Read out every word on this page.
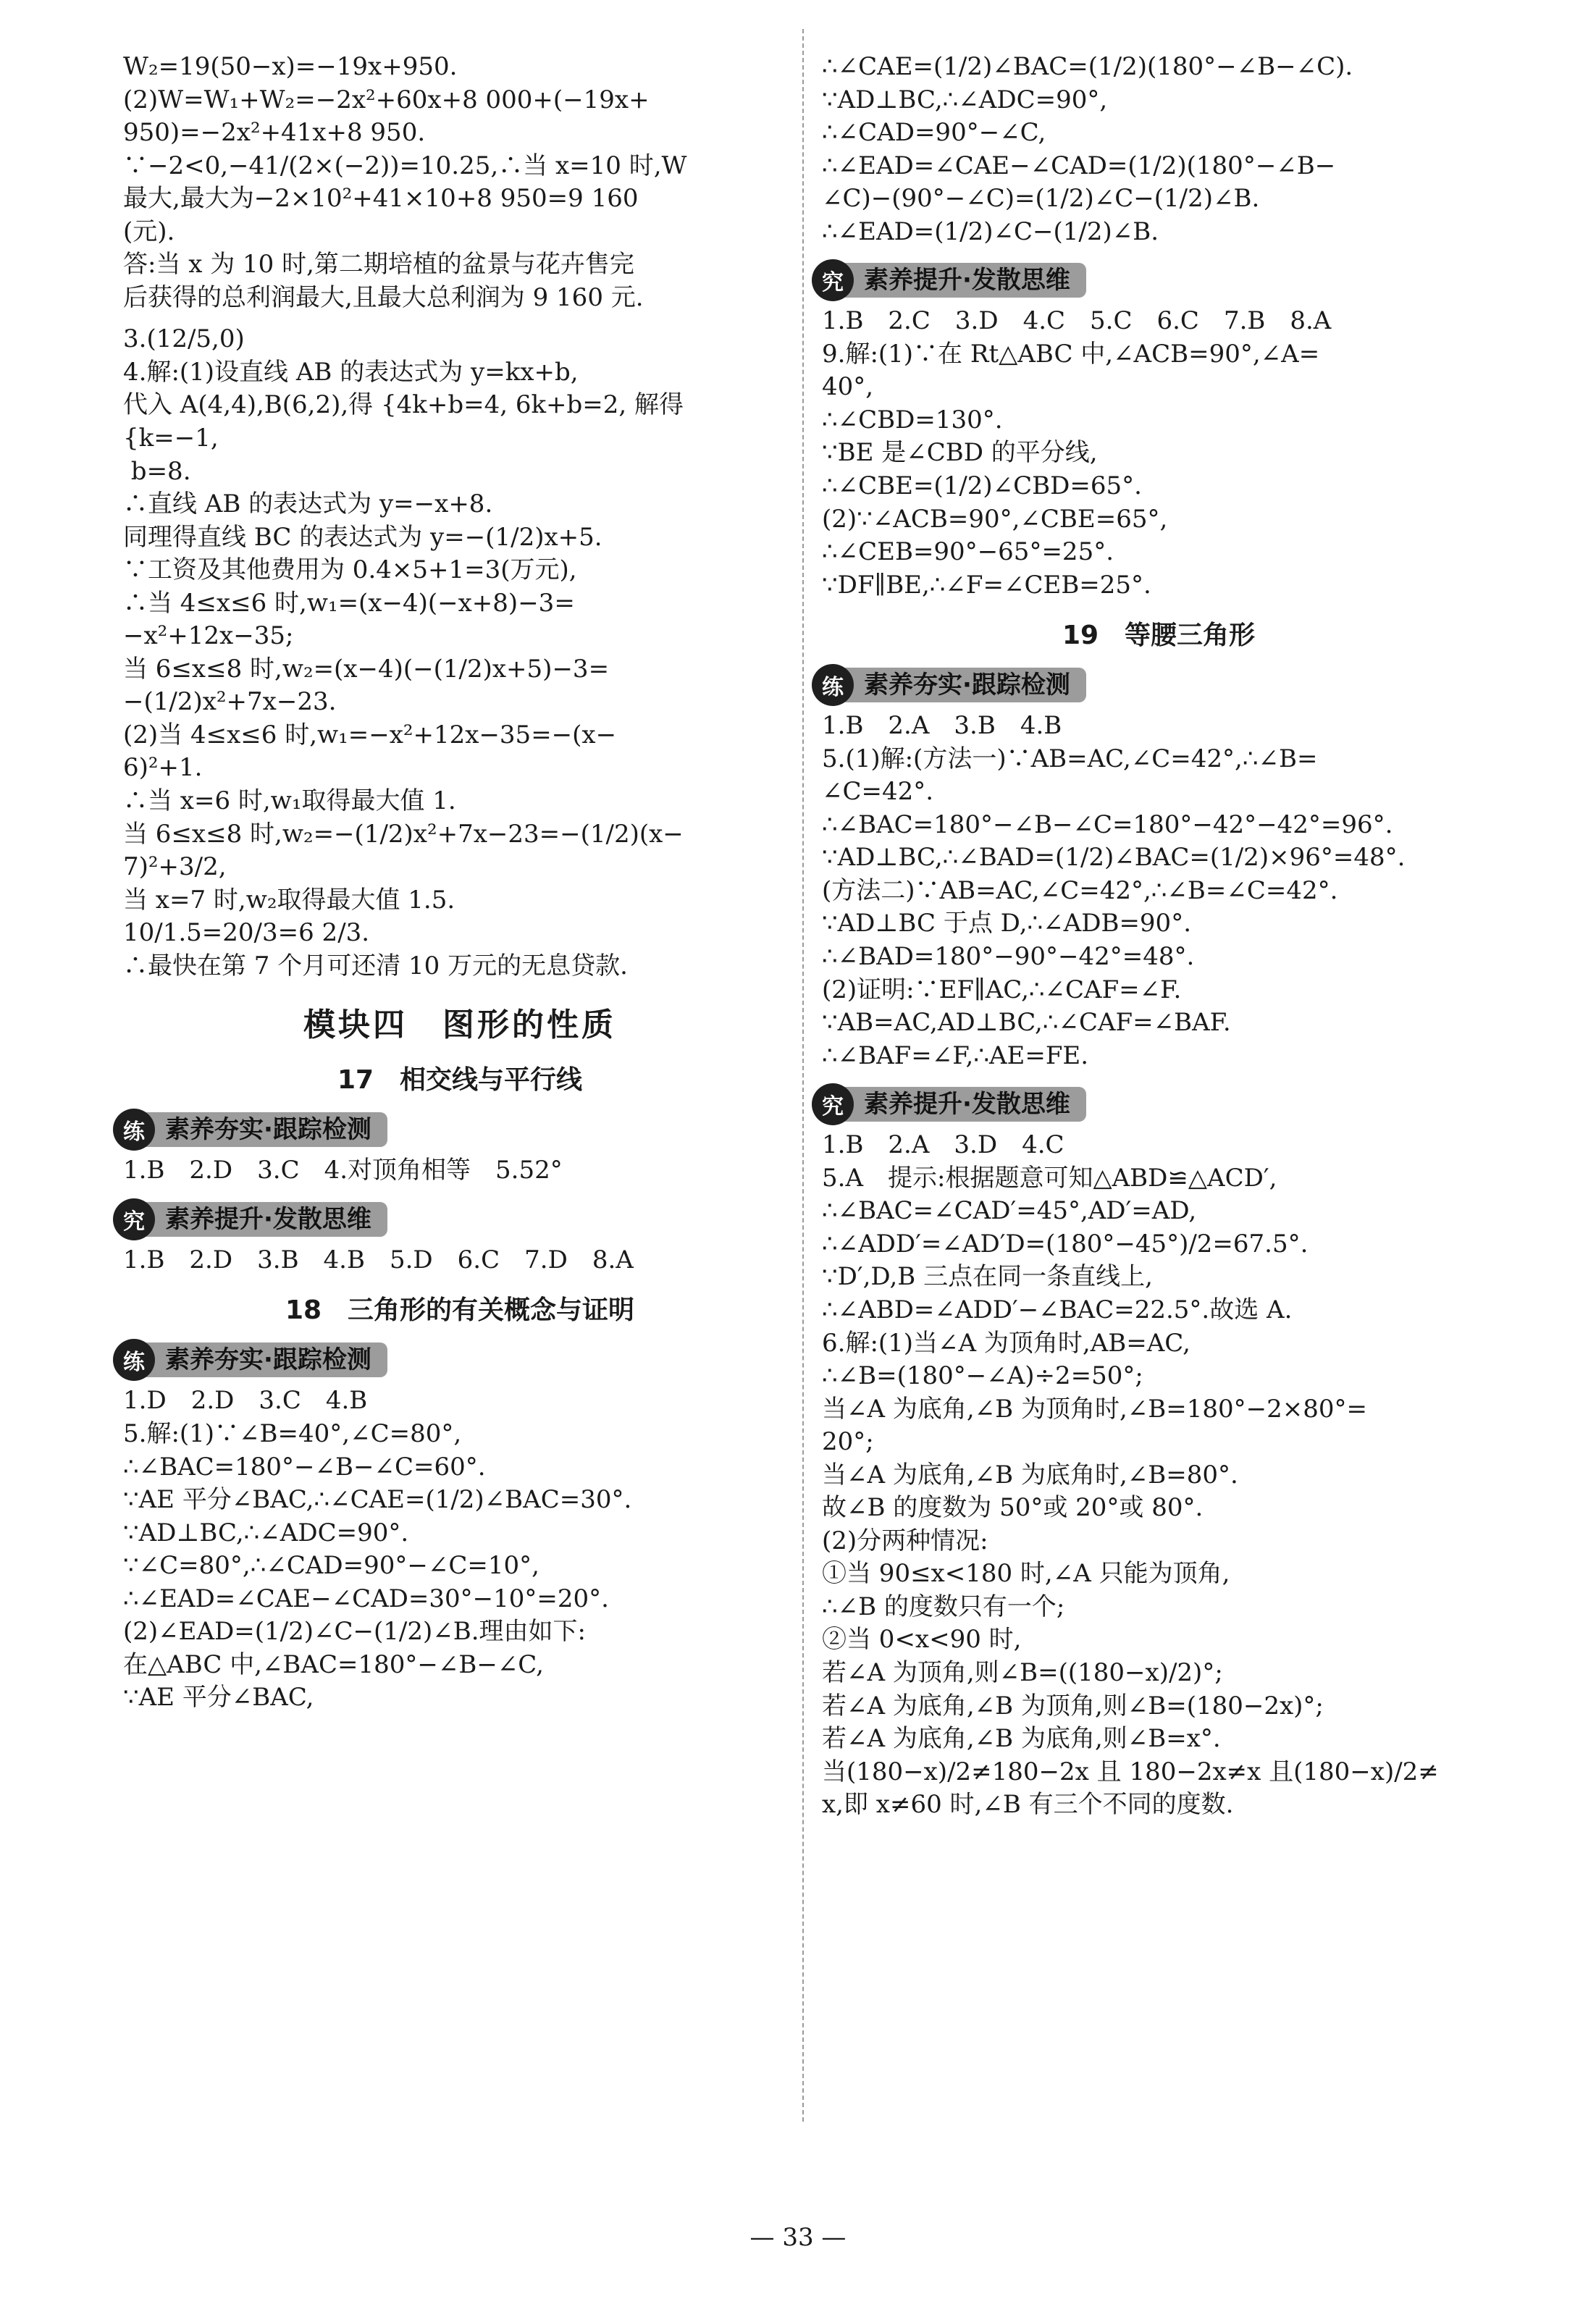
W₂=19(50−x)=−19x+950.

(2)W=W₁+W₂=−2x²+60x+8 000+(−19x+

950)=−2x²+41x+8 950.

∵−2<0,−41/(2×(−2))=10.25,∴当 x=10 时,W

最大,最大为−2×10²+41×10+8 950=9 160

(元).

答:当 x 为 10 时,第二期培植的盆景与花卉售完

后获得的总利润最大,且最大总利润为 9 160 元.

3.(12/5,0)

4.解:(1)设直线 AB 的表达式为 y=kx+b,

代入 A(4,4),B(6,2),得 {4k+b=4, 6k+b=2, 解得

{k=−1,

b=8.

∴直线 AB 的表达式为 y=−x+8.

同理得直线 BC 的表达式为 y=−(1/2)x+5.

∵工资及其他费用为 0.4×5+1=3(万元),

∴当 4≤x≤6 时,w₁=(x−4)(−x+8)−3=

−x²+12x−35;

当 6≤x≤8 时,w₂=(x−4)(−(1/2)x+5)−3=

−(1/2)x²+7x−23.

(2)当 4≤x≤6 时,w₁=−x²+12x−35=−(x−

6)²+1.

∴当 x=6 时,w₁取得最大值 1.

当 6≤x≤8 时,w₂=−(1/2)x²+7x−23=−(1/2)(x−

7)²+3/2,

当 x=7 时,w₂取得最大值 1.5.

10/1.5=20/3=6 2/3.

∴最快在第 7 个月可还清 10 万元的无息贷款.

模块四　图形的性质
17　相交线与平行线
练 素养夯实·跟踪检测

1.B　2.D　3.C　4.对顶角相等　5.52°

究 素养提升·发散思维

1.B　2.D　3.B　4.B　5.D　6.C　7.D　8.A

18　三角形的有关概念与证明
练 素养夯实·跟踪检测

1.D　2.D　3.C　4.B

5.解:(1)∵∠B=40°,∠C=80°,

∴∠BAC=180°−∠B−∠C=60°.

∵AE 平分∠BAC,∴∠CAE=(1/2)∠BAC=30°.

∵AD⊥BC,∴∠ADC=90°.

∵∠C=80°,∴∠CAD=90°−∠C=10°,

∴∠EAD=∠CAE−∠CAD=30°−10°=20°.

(2)∠EAD=(1/2)∠C−(1/2)∠B.理由如下:

在△ABC 中,∠BAC=180°−∠B−∠C,

∵AE 平分∠BAC,

∴∠CAE=(1/2)∠BAC=(1/2)(180°−∠B−∠C).

∵AD⊥BC,∴∠ADC=90°,

∴∠CAD=90°−∠C,

∴∠EAD=∠CAE−∠CAD=(1/2)(180°−∠B−

∠C)−(90°−∠C)=(1/2)∠C−(1/2)∠B.

∴∠EAD=(1/2)∠C−(1/2)∠B.

究 素养提升·发散思维

1.B　2.C　3.D　4.C　5.C　6.C　7.B　8.A

9.解:(1)∵在 Rt△ABC 中,∠ACB=90°,∠A=

40°,

∴∠CBD=130°.

∵BE 是∠CBD 的平分线,

∴∠CBE=(1/2)∠CBD=65°.

(2)∵∠ACB=90°,∠CBE=65°,

∴∠CEB=90°−65°=25°.

∵DF∥BE,∴∠F=∠CEB=25°.

19　等腰三角形
练 素养夯实·跟踪检测

1.B　2.A　3.B　4.B

5.(1)解:(方法一)∵AB=AC,∠C=42°,∴∠B=

∠C=42°.

∴∠BAC=180°−∠B−∠C=180°−42°−42°=96°.

∵AD⊥BC,∴∠BAD=(1/2)∠BAC=(1/2)×96°=48°.

(方法二)∵AB=AC,∠C=42°,∴∠B=∠C=42°.

∵AD⊥BC 于点 D,∴∠ADB=90°.

∴∠BAD=180°−90°−42°=48°.

(2)证明:∵EF∥AC,∴∠CAF=∠F.

∵AB=AC,AD⊥BC,∴∠CAF=∠BAF.

∴∠BAF=∠F,∴AE=FE.

究 素养提升·发散思维

1.B　2.A　3.D　4.C

5.A　提示:根据题意可知△ABD≌△ACD′,

∴∠BAC=∠CAD′=45°,AD′=AD,

∴∠ADD′=∠AD′D=(180°−45°)/2=67.5°.

∵D′,D,B 三点在同一条直线上,

∴∠ABD=∠ADD′−∠BAC=22.5°.故选 A.

6.解:(1)当∠A 为顶角时,AB=AC,

∴∠B=(180°−∠A)÷2=50°;

当∠A 为底角,∠B 为顶角时,∠B=180°−2×80°=

20°;

当∠A 为底角,∠B 为底角时,∠B=80°.

故∠B 的度数为 50°或 20°或 80°.

(2)分两种情况:

①当 90≤x<180 时,∠A 只能为顶角,

∴∠B 的度数只有一个;

②当 0<x<90 时,

若∠A 为顶角,则∠B=((180−x)/2)°;

若∠A 为底角,∠B 为顶角,则∠B=(180−2x)°;

若∠A 为底角,∠B 为底角,则∠B=x°.

当(180−x)/2≠180−2x 且 180−2x≠x 且(180−x)/2≠

x,即 x≠60 时,∠B 有三个不同的度数.

— 33 —
